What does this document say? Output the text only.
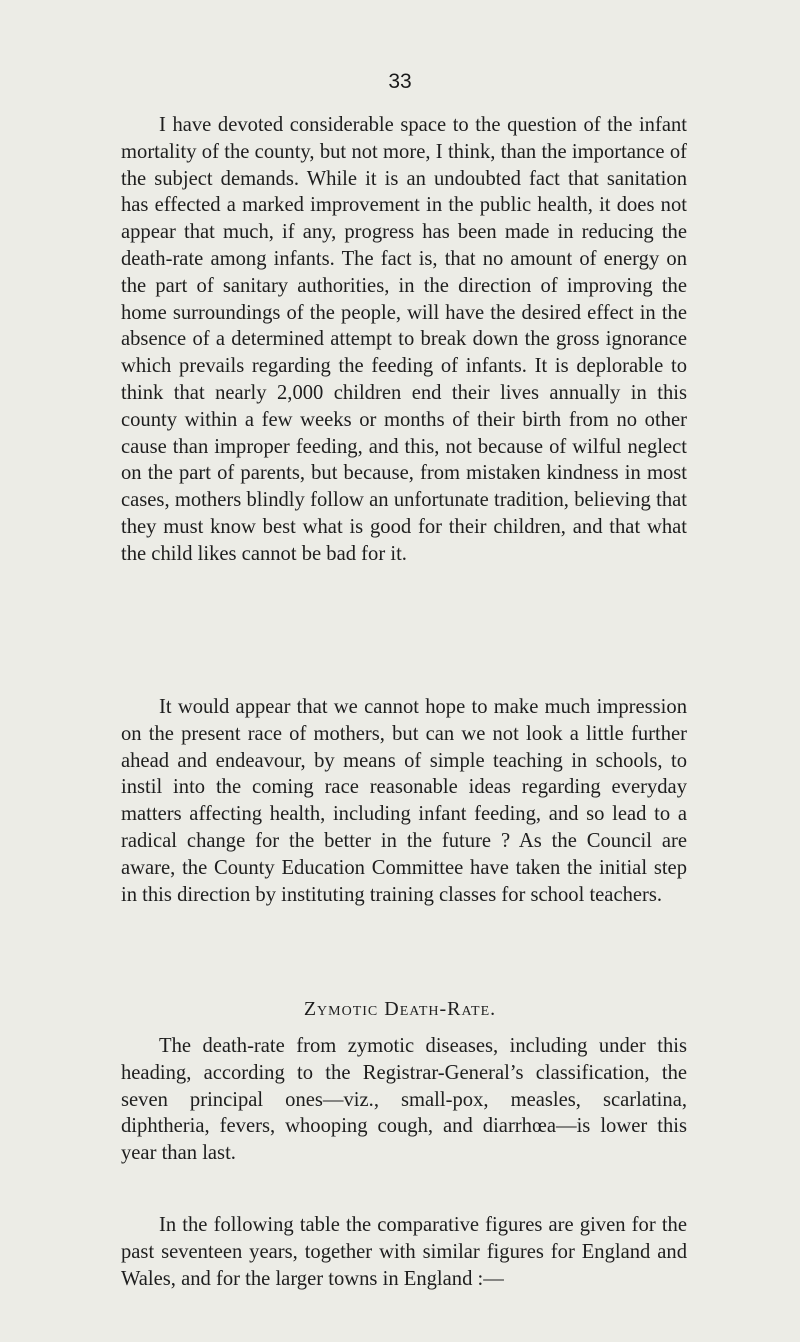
33

I have devoted considerable space to the question of the infant mortality of the county, but not more, I think, than the importance of the subject demands. While it is an undoubted fact that sanitation has effected a marked improvement in the public health, it does not appear that much, if any, progress has been made in reducing the death-rate among infants. The fact is, that no amount of energy on the part of sanitary authorities, in the direction of improving the home surroundings of the people, will have the desired effect in the absence of a determined attempt to break down the gross ignorance which prevails regarding the feeding of infants. It is deplorable to think that nearly 2,000 children end their lives annually in this county within a few weeks or months of their birth from no other cause than improper feeding, and this, not because of wilful neglect on the part of parents, but because, from mistaken kindness in most cases, mothers blindly follow an unfortunate tradition, believing that they must know best what is good for their children, and that what the child likes cannot be bad for it.

It would appear that we cannot hope to make much impression on the present race of mothers, but can we not look a little further ahead and endeavour, by means of simple teaching in schools, to instil into the coming race reasonable ideas regarding everyday matters affecting health, including infant feeding, and so lead to a radical change for the better in the future ? As the Council are aware, the County Education Committee have taken the initial step in this direction by instituting training classes for school teachers.

Zymotic Death-Rate.

The death-rate from zymotic diseases, including under this heading, according to the Registrar-General’s classification, the seven principal ones—viz., small-pox, measles, scarlatina, diphtheria, fevers, whooping cough, and diarrhœa—is lower this year than last.

In the following table the comparative figures are given for the past seventeen years, together with similar figures for England and Wales, and for the larger towns in England :—
